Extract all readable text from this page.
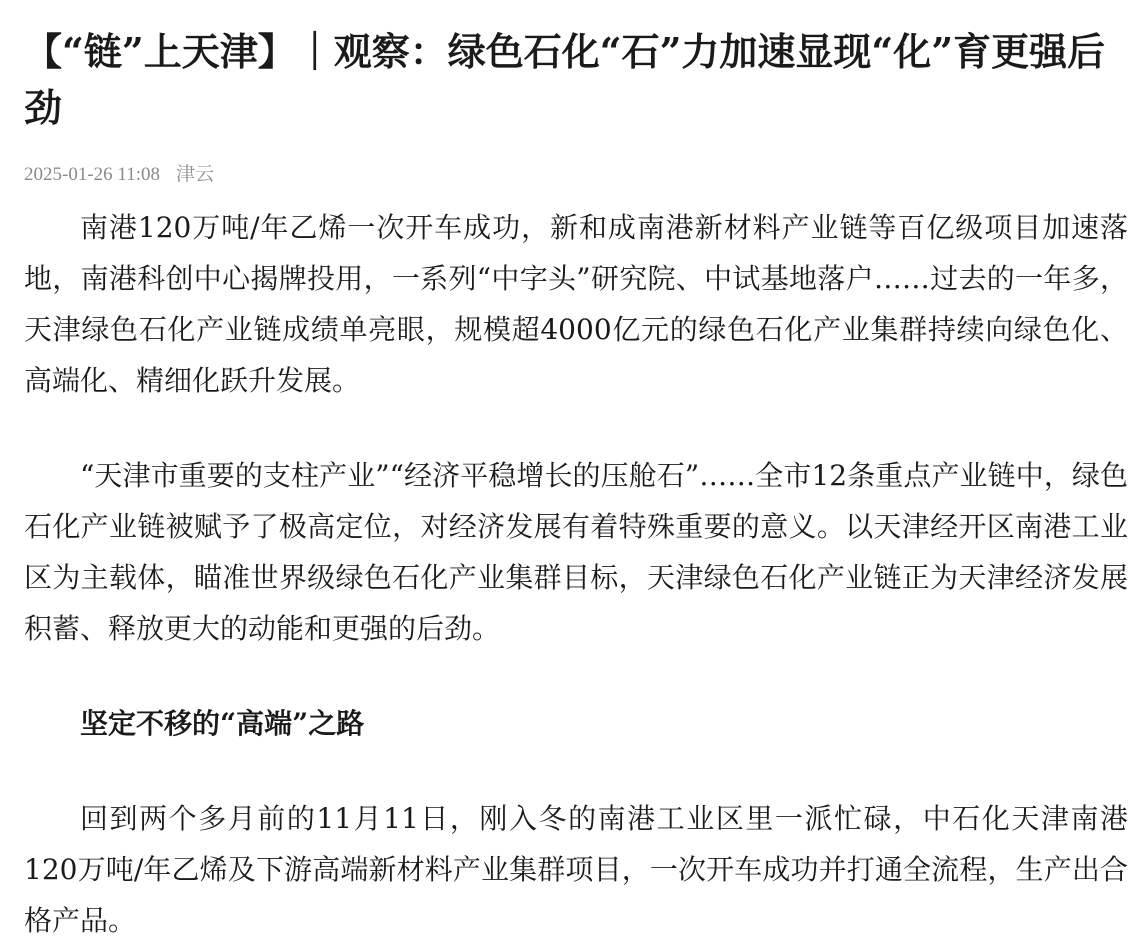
【“链”上天津】｜观察：绿色石化“石”力加速显现“化”育更强后劲
2025-01-26 11:08 津云

南港120万吨/年乙烯一次开车成功，新和成南港新材料产业链等百亿级项目加速落地，南港科创中心揭牌投用，一系列“中字头”研究院、中试基地落户……过去的一年多，天津绿色石化产业链成绩单亮眼，规模超4000亿元的绿色石化产业集群持续向绿色化、高端化、精细化跃升发展。

“天津市重要的支柱产业”“经济平稳增长的压舱石”……全市12条重点产业链中，绿色石化产业链被赋予了极高定位，对经济发展有着特殊重要的意义。以天津经开区南港工业区为主载体，瞄准世界级绿色石化产业集群目标，天津绿色石化产业链正为天津经济发展积蓄、释放更大的动能和更强的后劲。

坚定不移的“高端”之路

回到两个多月前的11月11日，刚入冬的南港工业区里一派忙碌，中石化天津南港120万吨/年乙烯及下游高端新材料产业集群项目，一次开车成功并打通全流程，生产出合格产品。
